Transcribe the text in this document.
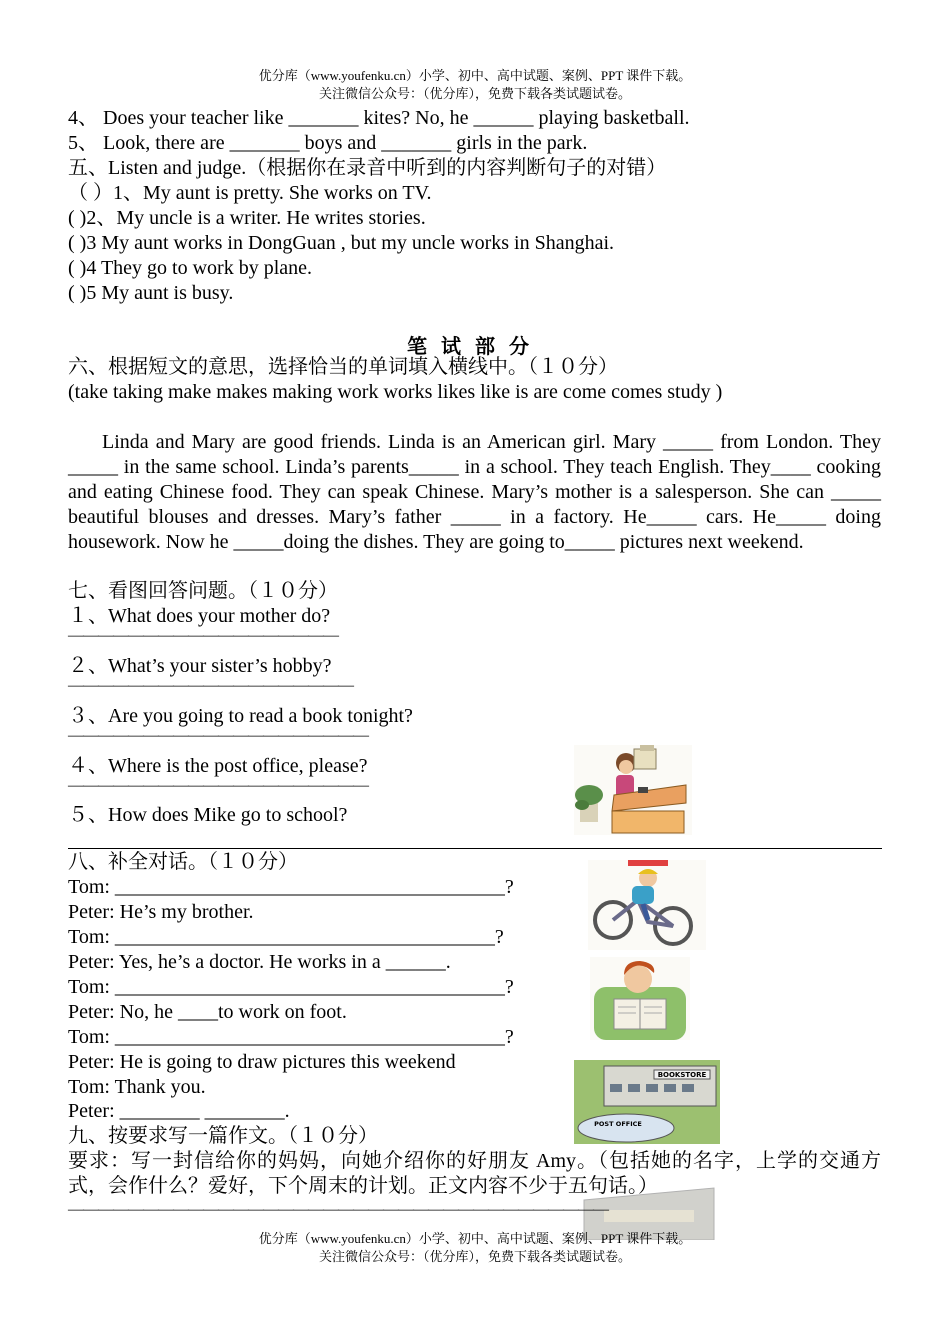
优分库（www.youfenku.cn）小学、初中、高中试题、案例、PPT 课件下载。
关注微信公众号：（优分库），免费下载各类试题试卷。
4、 Does your teacher like _______ kites? No, he ______ playing basketball.
5、 Look, there are _______ boys and _______ girls in the park.
五、Listen and judge.（根据你在录音中听到的内容判断句子的对错）
（ ）1、My aunt is pretty. She works on TV.
( )2、My uncle is a writer. He writes stories.
( )3 My aunt works in DongGuan , but my uncle works in Shanghai.
( )4 They go to work by plane.
( )5 My aunt is busy.
笔试部分
六、根据短文的意思，选择恰当的单词填入横线中。（１０分）
(take taking make makes making work works likes like is are come comes study )
Linda and Mary are good friends. Linda is an American girl. Mary _____ from London. They _____ in the same school. Linda’s parents_____ in a school. They teach English. They____ cooking and eating Chinese food. They can speak Chinese. Mary’s mother is a salesperson. She can _____ beautiful blouses and dresses. Mary’s father _____ in a factory. He_____ cars. He_____ doing housework. Now he _____doing the dishes. They are going to_____ pictures next weekend.
七、看图回答问题。（１０分）
１、What does your mother do?
——————————————————
２、What’s your sister’s hobby?
———————————————————
３、Are you going to read a book tonight?
————————————————————
４、Where is the post office, please?
————————————————————
５、How does Mike go to school?
BOOKSTORE
POST OFFICE
八、补全对话。（１０分）
Tom: _______________________________________?
Peter: He’s my brother.
Tom: ______________________________________?
Peter: Yes, he’s a doctor. He works in a ______.
Tom: _______________________________________?
Peter: No, he ____to work on foot.
Tom: _______________________________________?
Peter: He is going to draw pictures this weekend
Tom: Thank you.
Peter: ________ ________.
九、按要求写一篇作文。（１０分）
要求：写一封信给你的妈妈，向她介绍你的好朋友 Amy。（包括她的名字，上学的交通方式，会作什么？爱好，下个周末的计划。正文内容不少于五句话。）
————————————————————————————————————
优分库（www.youfenku.cn）小学、初中、高中试题、案例、PPT 课件下载。
关注微信公众号：（优分库），免费下载各类试题试卷。
